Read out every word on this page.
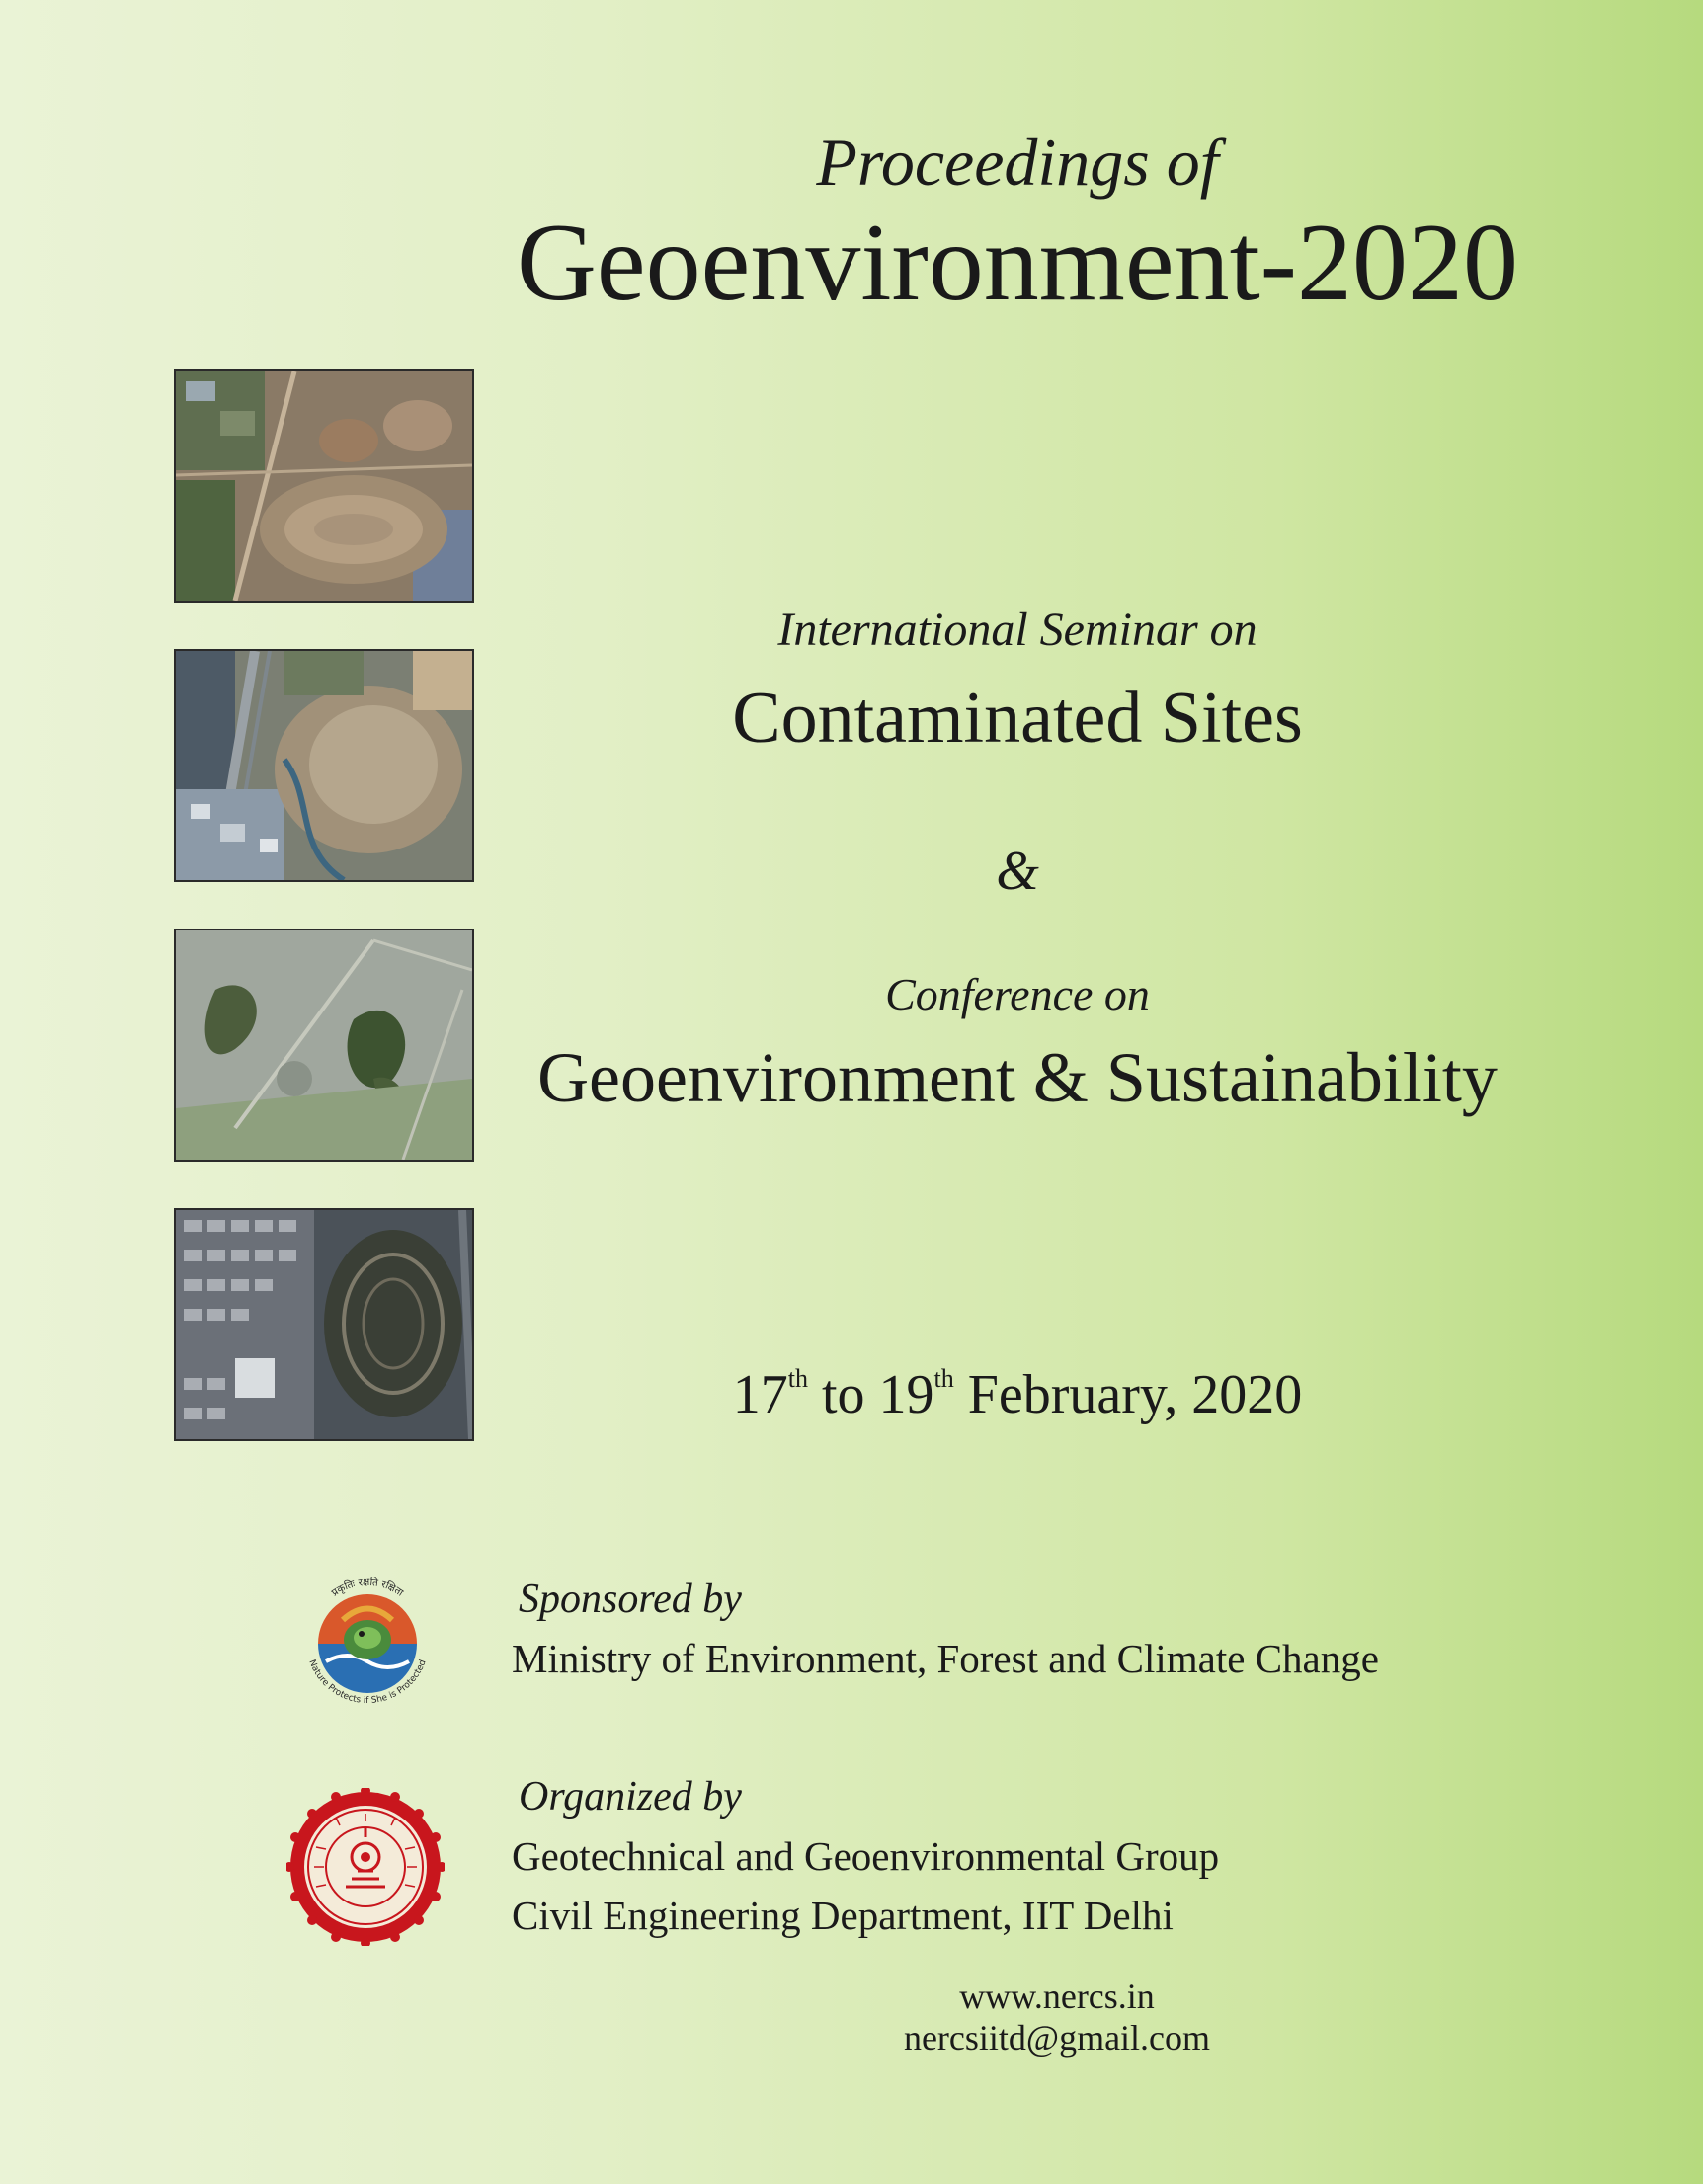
Proceedings of
Geoenvironment-2020
International Seminar on
Contaminated Sites
&
Conference on
Geoenvironment & Sustainability
17th to 19th February, 2020
प्रकृतिः रक्षति रक्षिता
Nature Protects if She is Protected
Sponsored by
Ministry of Environment, Forest and Climate Change
Organized by
Geotechnical and Geoenvironmental Group
Civil Engineering Department, IIT Delhi
www.nercs.in
nercsiitd@gmail.com
